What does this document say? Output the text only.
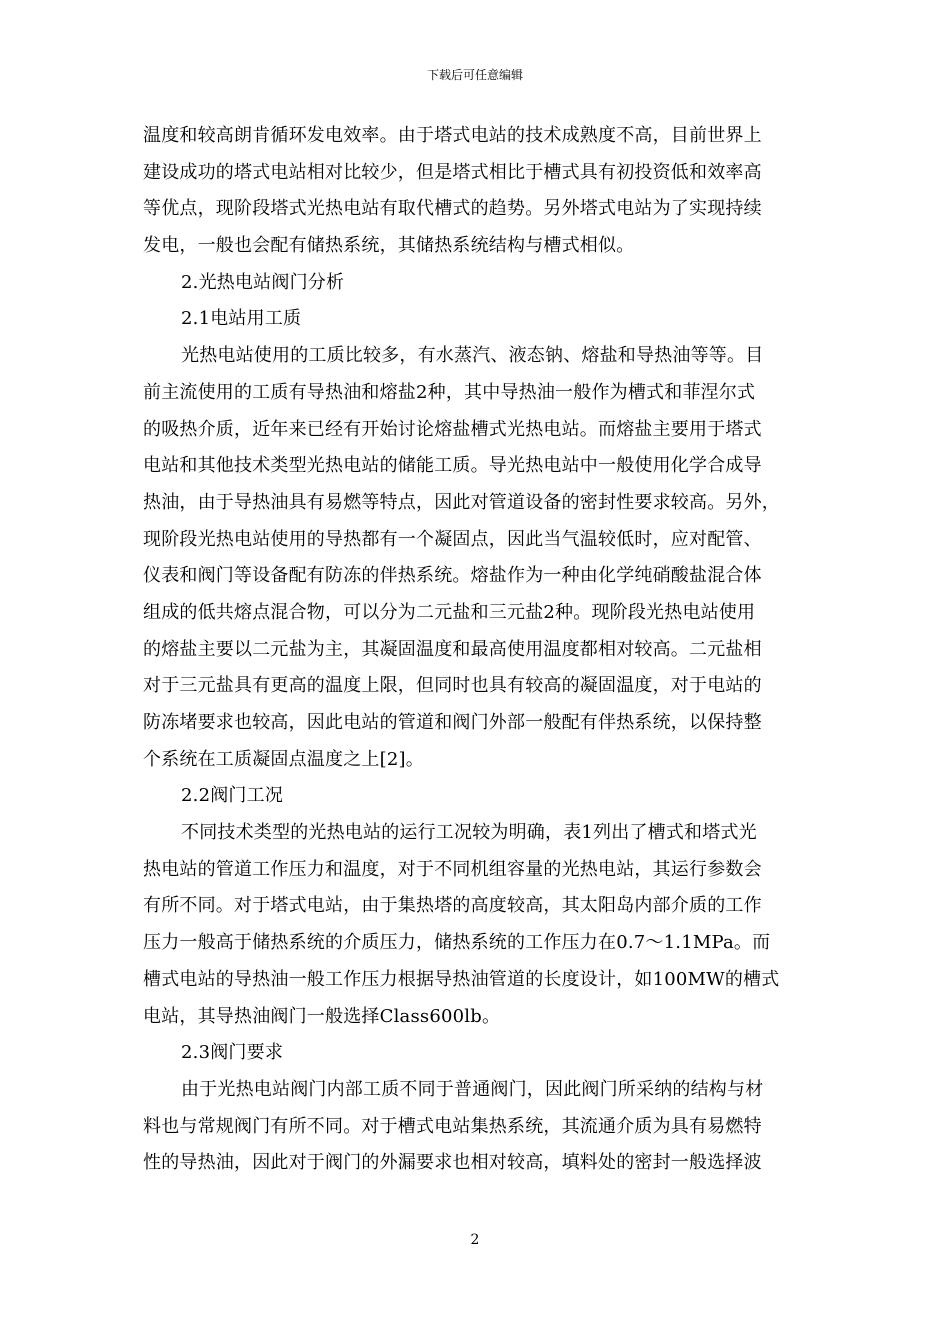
下载后可任意编辑
温度和较高朗肯循环发电效率。由于塔式电站的技术成熟度不高，目前世界上
建设成功的塔式电站相对比较少，但是塔式相比于槽式具有初投资低和效率高
等优点，现阶段塔式光热电站有取代槽式的趋势。另外塔式电站为了实现持续
发电，一般也会配有储热系统，其储热系统结构与槽式相似。
2.光热电站阀门分析
2.1电站用工质
光热电站使用的工质比较多，有水蒸汽、液态钠、熔盐和导热油等等。目
前主流使用的工质有导热油和熔盐2种，其中导热油一般作为槽式和菲涅尔式
的吸热介质，近年来已经有开始讨论熔盐槽式光热电站。而熔盐主要用于塔式
电站和其他技术类型光热电站的储能工质。导光热电站中一般使用化学合成导
热油，由于导热油具有易燃等特点，因此对管道设备的密封性要求较高。另外，
现阶段光热电站使用的导热都有一个凝固点，因此当气温较低时，应对配管、
仪表和阀门等设备配有防冻的伴热系统。熔盐作为一种由化学纯硝酸盐混合体
组成的低共熔点混合物，可以分为二元盐和三元盐2种。现阶段光热电站使用
的熔盐主要以二元盐为主，其凝固温度和最高使用温度都相对较高。二元盐相
对于三元盐具有更高的温度上限，但同时也具有较高的凝固温度，对于电站的
防冻堵要求也较高，因此电站的管道和阀门外部一般配有伴热系统，以保持整
个系统在工质凝固点温度之上[2]。
2.2阀门工况
不同技术类型的光热电站的运行工况较为明确，表1列出了槽式和塔式光
热电站的管道工作压力和温度，对于不同机组容量的光热电站，其运行参数会
有所不同。对于塔式电站，由于集热塔的高度较高，其太阳岛内部介质的工作
压力一般高于储热系统的介质压力，储热系统的工作压力在0.7～1.1MPa。而
槽式电站的导热油一般工作压力根据导热油管道的长度设计，如100MW的槽式
电站，其导热油阀门一般选择Class600lb。
2.3阀门要求
由于光热电站阀门内部工质不同于普通阀门，因此阀门所采纳的结构与材
料也与常规阀门有所不同。对于槽式电站集热系统，其流通介质为具有易燃特
性的导热油，因此对于阀门的外漏要求也相对较高，填料处的密封一般选择波
2
